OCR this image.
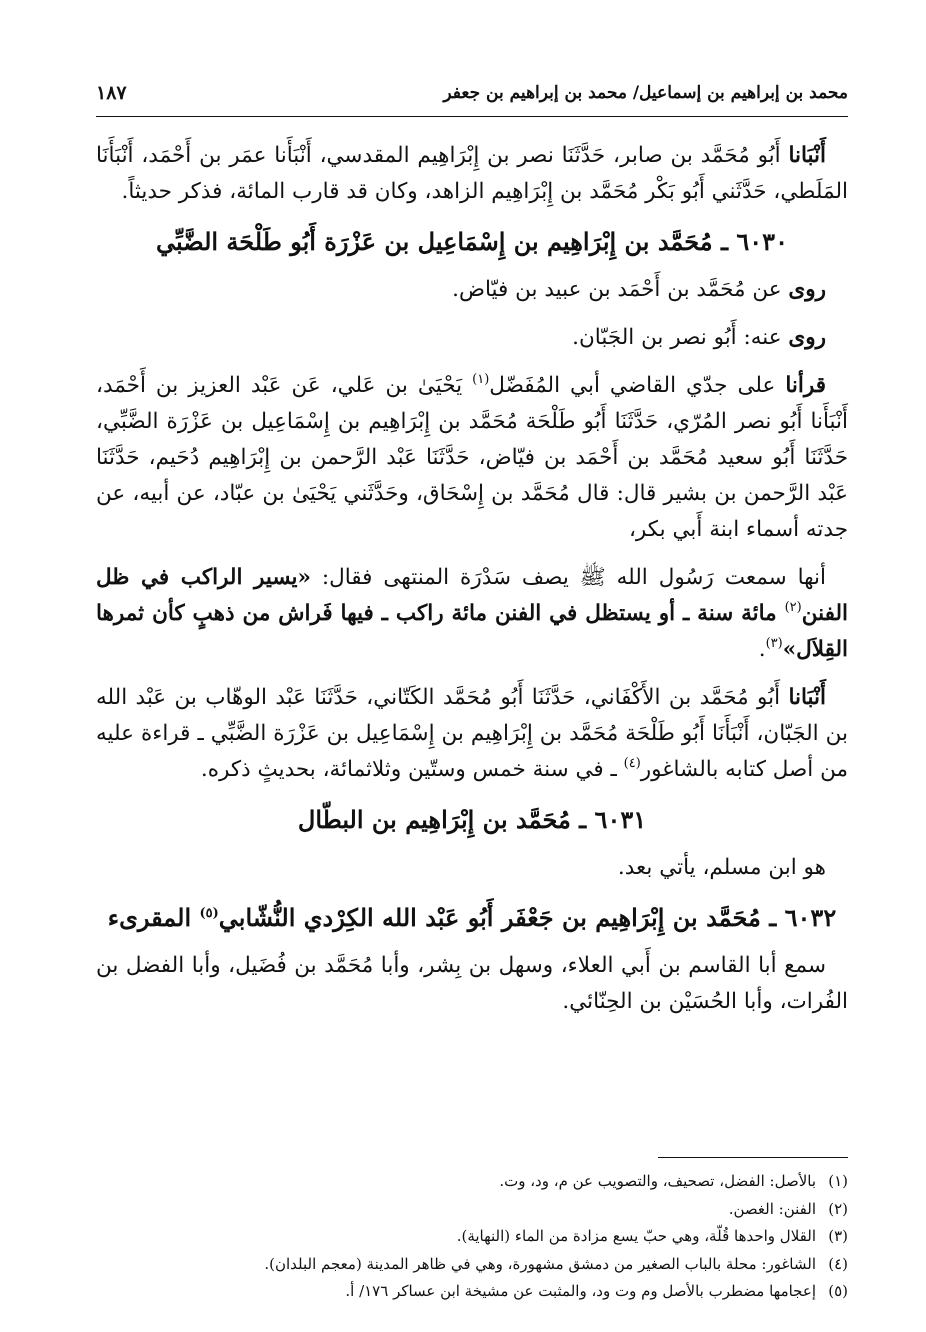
محمد بن إبراهيم بن إسماعيل/ محمد بن إبراهيم بن جعفر
١٨٧

أَنْبَانا أَبُو مُحَمَّد بن صابر، حَدَّثَنَا نصر بن إِبْرَاهِيم المقدسي، أَنْبَأَنا عمَر بن أَحْمَد، أَنْبَأَنَا المَلَطي، حَدَّثَني أَبُو بَكْر مُحَمَّد بن إِبْرَاهِيم الزاهد، وكان قد قارب المائة، فذكر حديثاً.

٦٠٣٠ ـ مُحَمَّد بن إِبْرَاهِيم بن إِسْمَاعِيل بن عَزْرَة أَبُو طَلْحَة الضَّبِّي

روى عن مُحَمَّد بن أَحْمَد بن عبيد بن فيّاض.

روى عنه: أَبُو نصر بن الجَبّان.

قرأنا على جدّي القاضي أبي المُفَضّل$^{(١)}$ يَحْيَىٰ بن عَلي، عَن عَبْد العزيز بن أَحْمَد، أَنْبَأَنا أَبُو نصر المُرّي، حَدَّثَنَا أَبُو طَلْحَة مُحَمَّد بن إِبْرَاهِيم بن إِسْمَاعِيل بن عَزْرَة الضَّبِّي، حَدَّثَنَا أَبُو سعيد مُحَمَّد بن أَحْمَد بن فيّاض، حَدَّثَنَا عَبْد الرَّحمن بن إِبْرَاهِيم دُحَيم، حَدَّثَنَا عَبْد الرَّحمن بن بشير قال: قال مُحَمَّد بن إِسْحَاق، وحَدَّثَني يَحْيَىٰ بن عبّاد، عن أبيه، عن جدته أسماء ابنة أَبي بكر،

أنها سمعت رَسُول الله ﷺ يصف سَدْرَة المنتهى فقال: «يسير الراكب في ظل الفنن$^{(٢)}$ مائة سنة ـ أو يستظل في الفنن مائة راكب ـ فيها فَراش من ذهبٍ كأن ثمرها القِلاَل»$^{(٣)}$.

أَنْبَانا أَبُو مُحَمَّد بن الأَكْفَاني، حَدَّثَنَا أَبُو مُحَمَّد الكَتّاني، حَدَّثَنَا عَبْد الوهّاب بن عَبْد الله بن الجَبّان، أَنْبَأَنَا أَبُو طَلْحَة مُحَمَّد بن إِبْرَاهِيم بن إِسْمَاعِيل بن عَزْرَة الضَّبِّي ـ قراءة عليه من أصل كتابه بالشاغور$^{(٤)}$ ـ في سنة خمس وستّين وثلاثمائة، بحديثٍ ذكره.

٦٠٣١ ـ مُحَمَّد بن إِبْرَاهِيم بن البطّال

هو ابن مسلم، يأتي بعد.

٦٠٣٢ ـ مُحَمَّد بن إِبْرَاهِيم بن جَعْفَر أَبُو عَبْد الله الكِرْدي النُّشّابي$^{(٥)}$ المقرىء

سمع أبا القاسم بن أَبي العلاء، وسهل بن بِشر، وأبا مُحَمَّد بن فُضَيل، وأبا الفضل بن الفُرات، وأبا الحُسَيْن بن الحِنّائي.

(١)
بالأصل: الفضل، تصحيف، والتصويب عن م، ود، وت.
(٢)
الفنن: الغصن.
(٣)
القلال واحدها قُلّة، وهي حبّ يسع مزادة من الماء (النهاية).
(٤)
الشاغور: محلة بالباب الصغير من دمشق مشهورة، وهي في ظاهر المدينة (معجم البلدان).
(٥)
إعجامها مضطرب بالأصل وم وت ود، والمثبت عن مشيخة ابن عساكر ١٧٦/ أ.
